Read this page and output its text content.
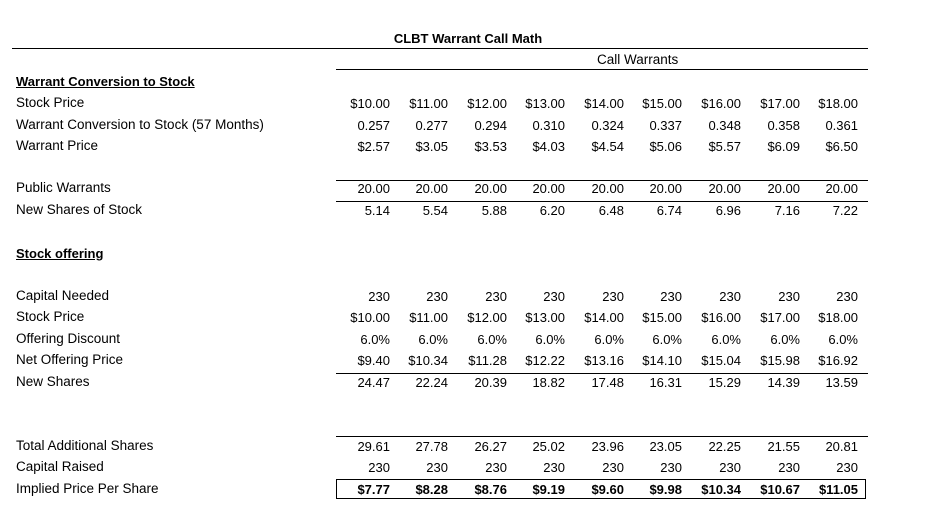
CLBT Warrant Call Math
Call Warrants
Warrant Conversion to Stock
Stock offering
Stock Price	$10.00	$11.00	$12.00	$13.00	$14.00	$15.00	$16.00	$17.00	$18.00
Warrant Conversion to Stock (57 Months)	0.257	0.277	0.294	0.310	0.324	0.337	0.348	0.358	0.361
Warrant Price	$2.57	$3.05	$3.53	$4.03	$4.54	$5.06	$5.57	$6.09	$6.50
Public Warrants	20.00	20.00	20.00	20.00	20.00	20.00	20.00	20.00	20.00
New Shares of Stock	5.14	5.54	5.88	6.20	6.48	6.74	6.96	7.16	7.22
Capital Needed	230	230	230	230	230	230	230	230	230
Stock Price	$10.00	$11.00	$12.00	$13.00	$14.00	$15.00	$16.00	$17.00	$18.00
Offering Discount	6.0%	6.0%	6.0%	6.0%	6.0%	6.0%	6.0%	6.0%	6.0%
Net Offering Price	$9.40	$10.34	$11.28	$12.22	$13.16	$14.10	$15.04	$15.98	$16.92
New Shares	24.47	22.24	20.39	18.82	17.48	16.31	15.29	14.39	13.59
Total Additional Shares	29.61	27.78	26.27	25.02	23.96	23.05	22.25	21.55	20.81
Capital Raised	230	230	230	230	230	230	230	230	230
Implied Price Per Share	$7.77	$8.28	$8.76	$9.19	$9.60	$9.98	$10.34	$10.67	$11.05
